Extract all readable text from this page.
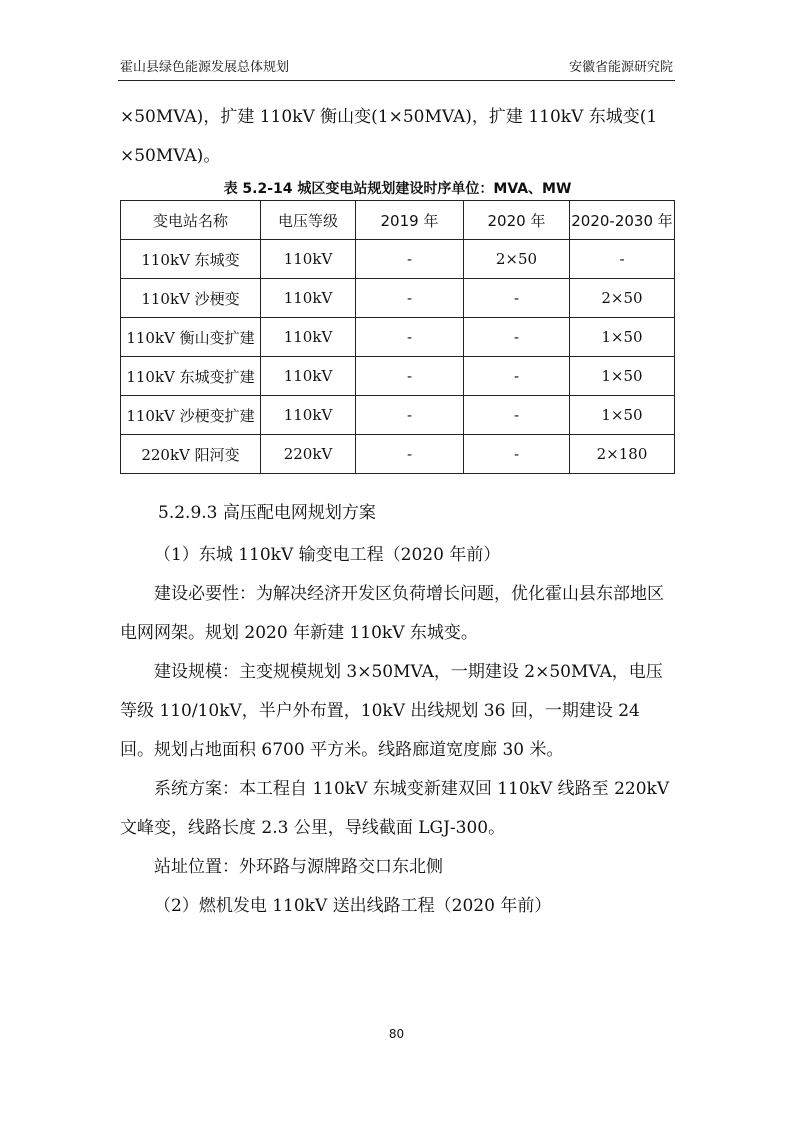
霍山县绿色能源发展总体规划	安徽省能源研究院

×50MVA)，扩建 110kV 衡山变(1×50MVA)，扩建 110kV 东城变(1

×50MVA)。

表 5.2-14 城区变电站规划建设时序单位：MVA、MW
变电站名称	电压等级	2019 年	2020 年	2020-2030 年
110kV 东城变	110kV	-	2×50	-
110kV 沙梗变	110kV	-	-	2×50
110kV 衡山变扩建	110kV	-	-	1×50
110kV 东城变扩建	110kV	-	-	1×50
110kV 沙梗变扩建	110kV	-	-	1×50
220kV 阳河变	220kV	-	-	2×180
5.2.9.3 高压配电网规划方案

（1）东城 110kV 输变电工程（2020 年前）

建设必要性：为解决经济开发区负荷增长问题，优化霍山县东部地区电网网架。规划 2020 年新建 110kV 东城变。

建设规模：主变规模规划 3×50MVA，一期建设 2×50MVA，电压等级 110/10kV，半户外布置，10kV 出线规划 36 回，一期建设 24 回。规划占地面积 6700 平方米。线路廊道宽度廊 30 米。

系统方案：本工程自 110kV 东城变新建双回 110kV 线路至 220kV 文峰变，线路长度 2.3 公里，导线截面 LGJ-300。

站址位置：外环路与源牌路交口东北侧

（2）燃机发电 110kV 送出线路工程（2020 年前）

80
